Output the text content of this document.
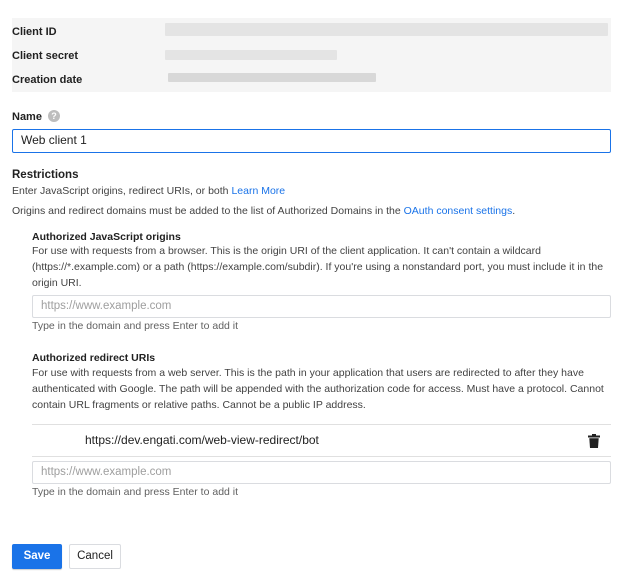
Client ID
Client secret
Creation date
Name	?
Web client 1
Restrictions
Enter JavaScript origins, redirect URIs, or both Learn More
Origins and redirect domains must be added to the list of Authorized Domains in the OAuth consent settings.
Authorized JavaScript origins
For use with requests from a browser. This is the origin URI of the client application. It can't contain a wildcard (https://*.example.com) or a path (https://example.com/subdir). If you're using a nonstandard port, you must include it in the origin URI.
https://www.example.com
Type in the domain and press Enter to add it
Authorized redirect URIs
For use with requests from a web server. This is the path in your application that users are redirected to after they have authenticated with Google. The path will be appended with the authorization code for access. Must have a protocol. Cannot contain URL fragments or relative paths. Cannot be a public IP address.
https://dev.engati.com/web-view-redirect/bot
https://www.example.com
Type in the domain and press Enter to add it
Save	Cancel
